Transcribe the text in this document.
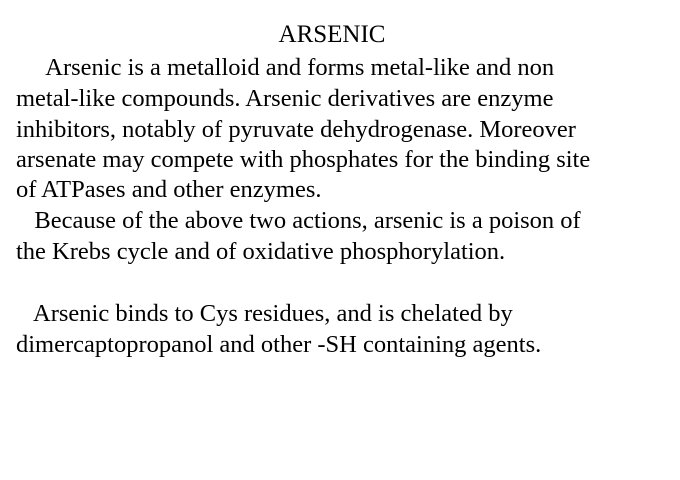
ARSENIC
Arsenic is a metalloid and forms metal-like and non
metal-like compounds. Arsenic derivatives are enzyme
inhibitors, notably of pyruvate dehydrogenase. Moreover
arsenate may compete with phosphates for the binding site
of ATPases and other enzymes.
Because of the above two actions, arsenic is a poison of
the Krebs cycle and of oxidative phosphorylation.
Arsenic binds to Cys residues, and is chelated by
dimercaptopropanol and other -SH containing agents.
